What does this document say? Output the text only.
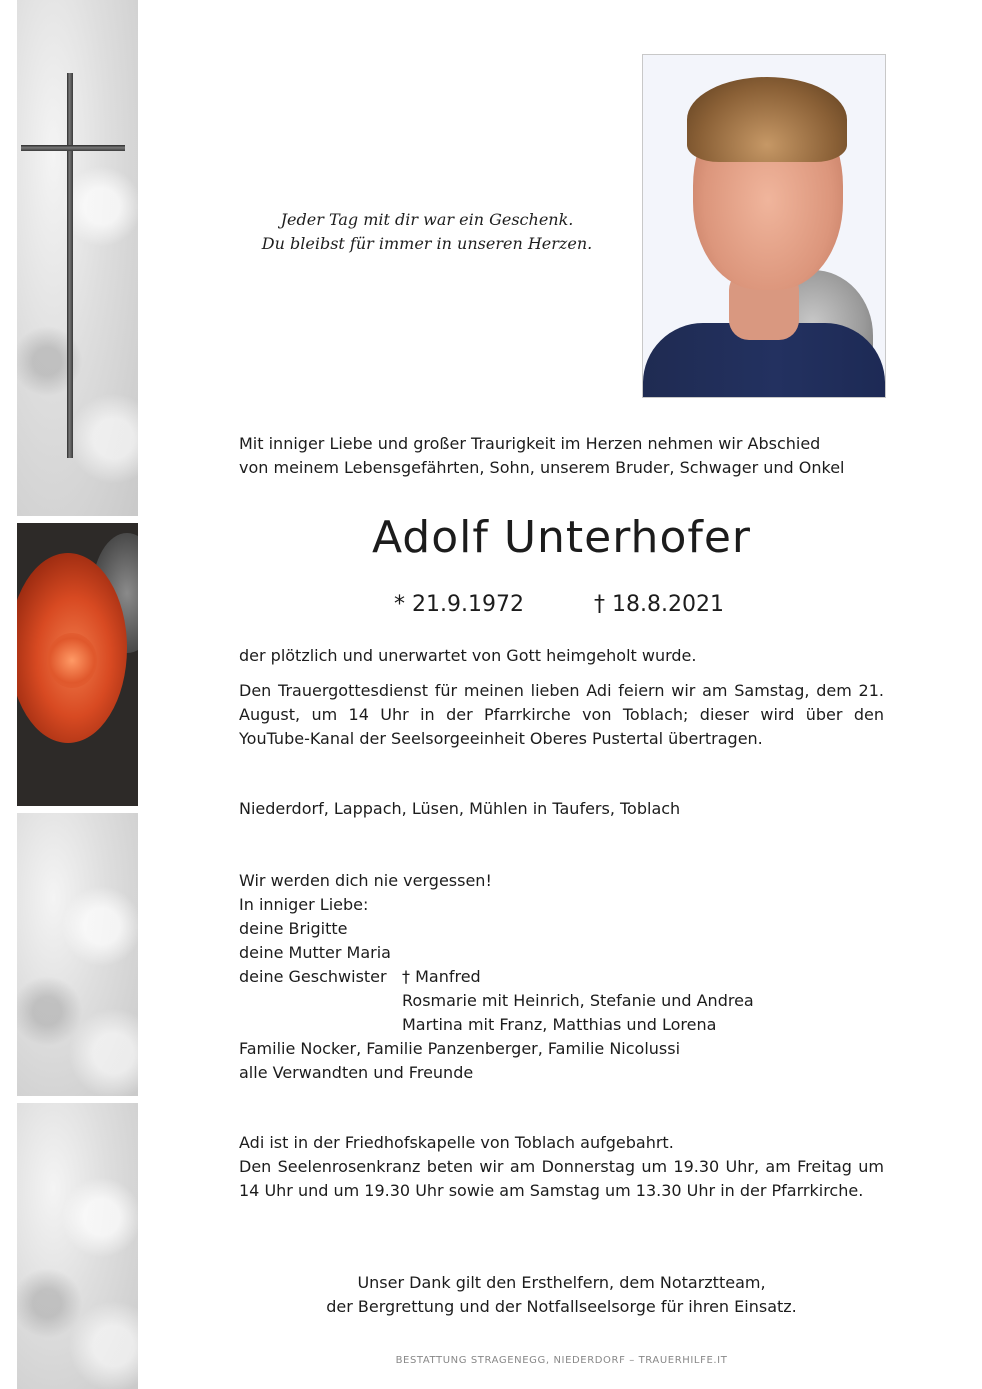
Jeder Tag mit dir war ein Geschenk.
Du bleibst für immer in unseren Herzen.
Mit inniger Liebe und großer Traurigkeit im Herzen nehmen wir Abschied
von meinem Lebensgefährten, Sohn, unserem Bruder, Schwager und Onkel
Adolf Unterhofer
* 21.9.1972	† 18.8.2021
der plötzlich und unerwartet von Gott heimgeholt wurde.
Den Trauergottesdienst für meinen lieben Adi feiern wir am Samstag, dem 21. August, um 14 Uhr in der Pfarrkirche von Toblach; dieser wird über den YouTube-Kanal der Seelsorgeeinheit Oberes Pustertal übertragen.
Niederdorf, Lappach, Lüsen, Mühlen in Taufers, Toblach
Wir werden dich nie vergessen!
In inniger Liebe:
deine Brigitte
deine Mutter Maria
deine Geschwister † Manfred
Rosmarie mit Heinrich, Stefanie und Andrea
Martina mit Franz, Matthias und Lorena
Familie Nocker, Familie Panzenberger, Familie Nicolussi
alle Verwandten und Freunde
Adi ist in der Friedhofskapelle von Toblach aufgebahrt.
Den Seelenrosenkranz beten wir am Donnerstag um 19.30 Uhr, am Freitag um 14 Uhr und um 19.30 Uhr sowie am Samstag um 13.30 Uhr in der Pfarrkirche.
Unser Dank gilt den Ersthelfern, dem Notarztteam,
der Bergrettung und der Notfallseelsorge für ihren Einsatz.
BESTATTUNG STRAGENEGG, NIEDERDORF – TRAUERHILFE.IT
